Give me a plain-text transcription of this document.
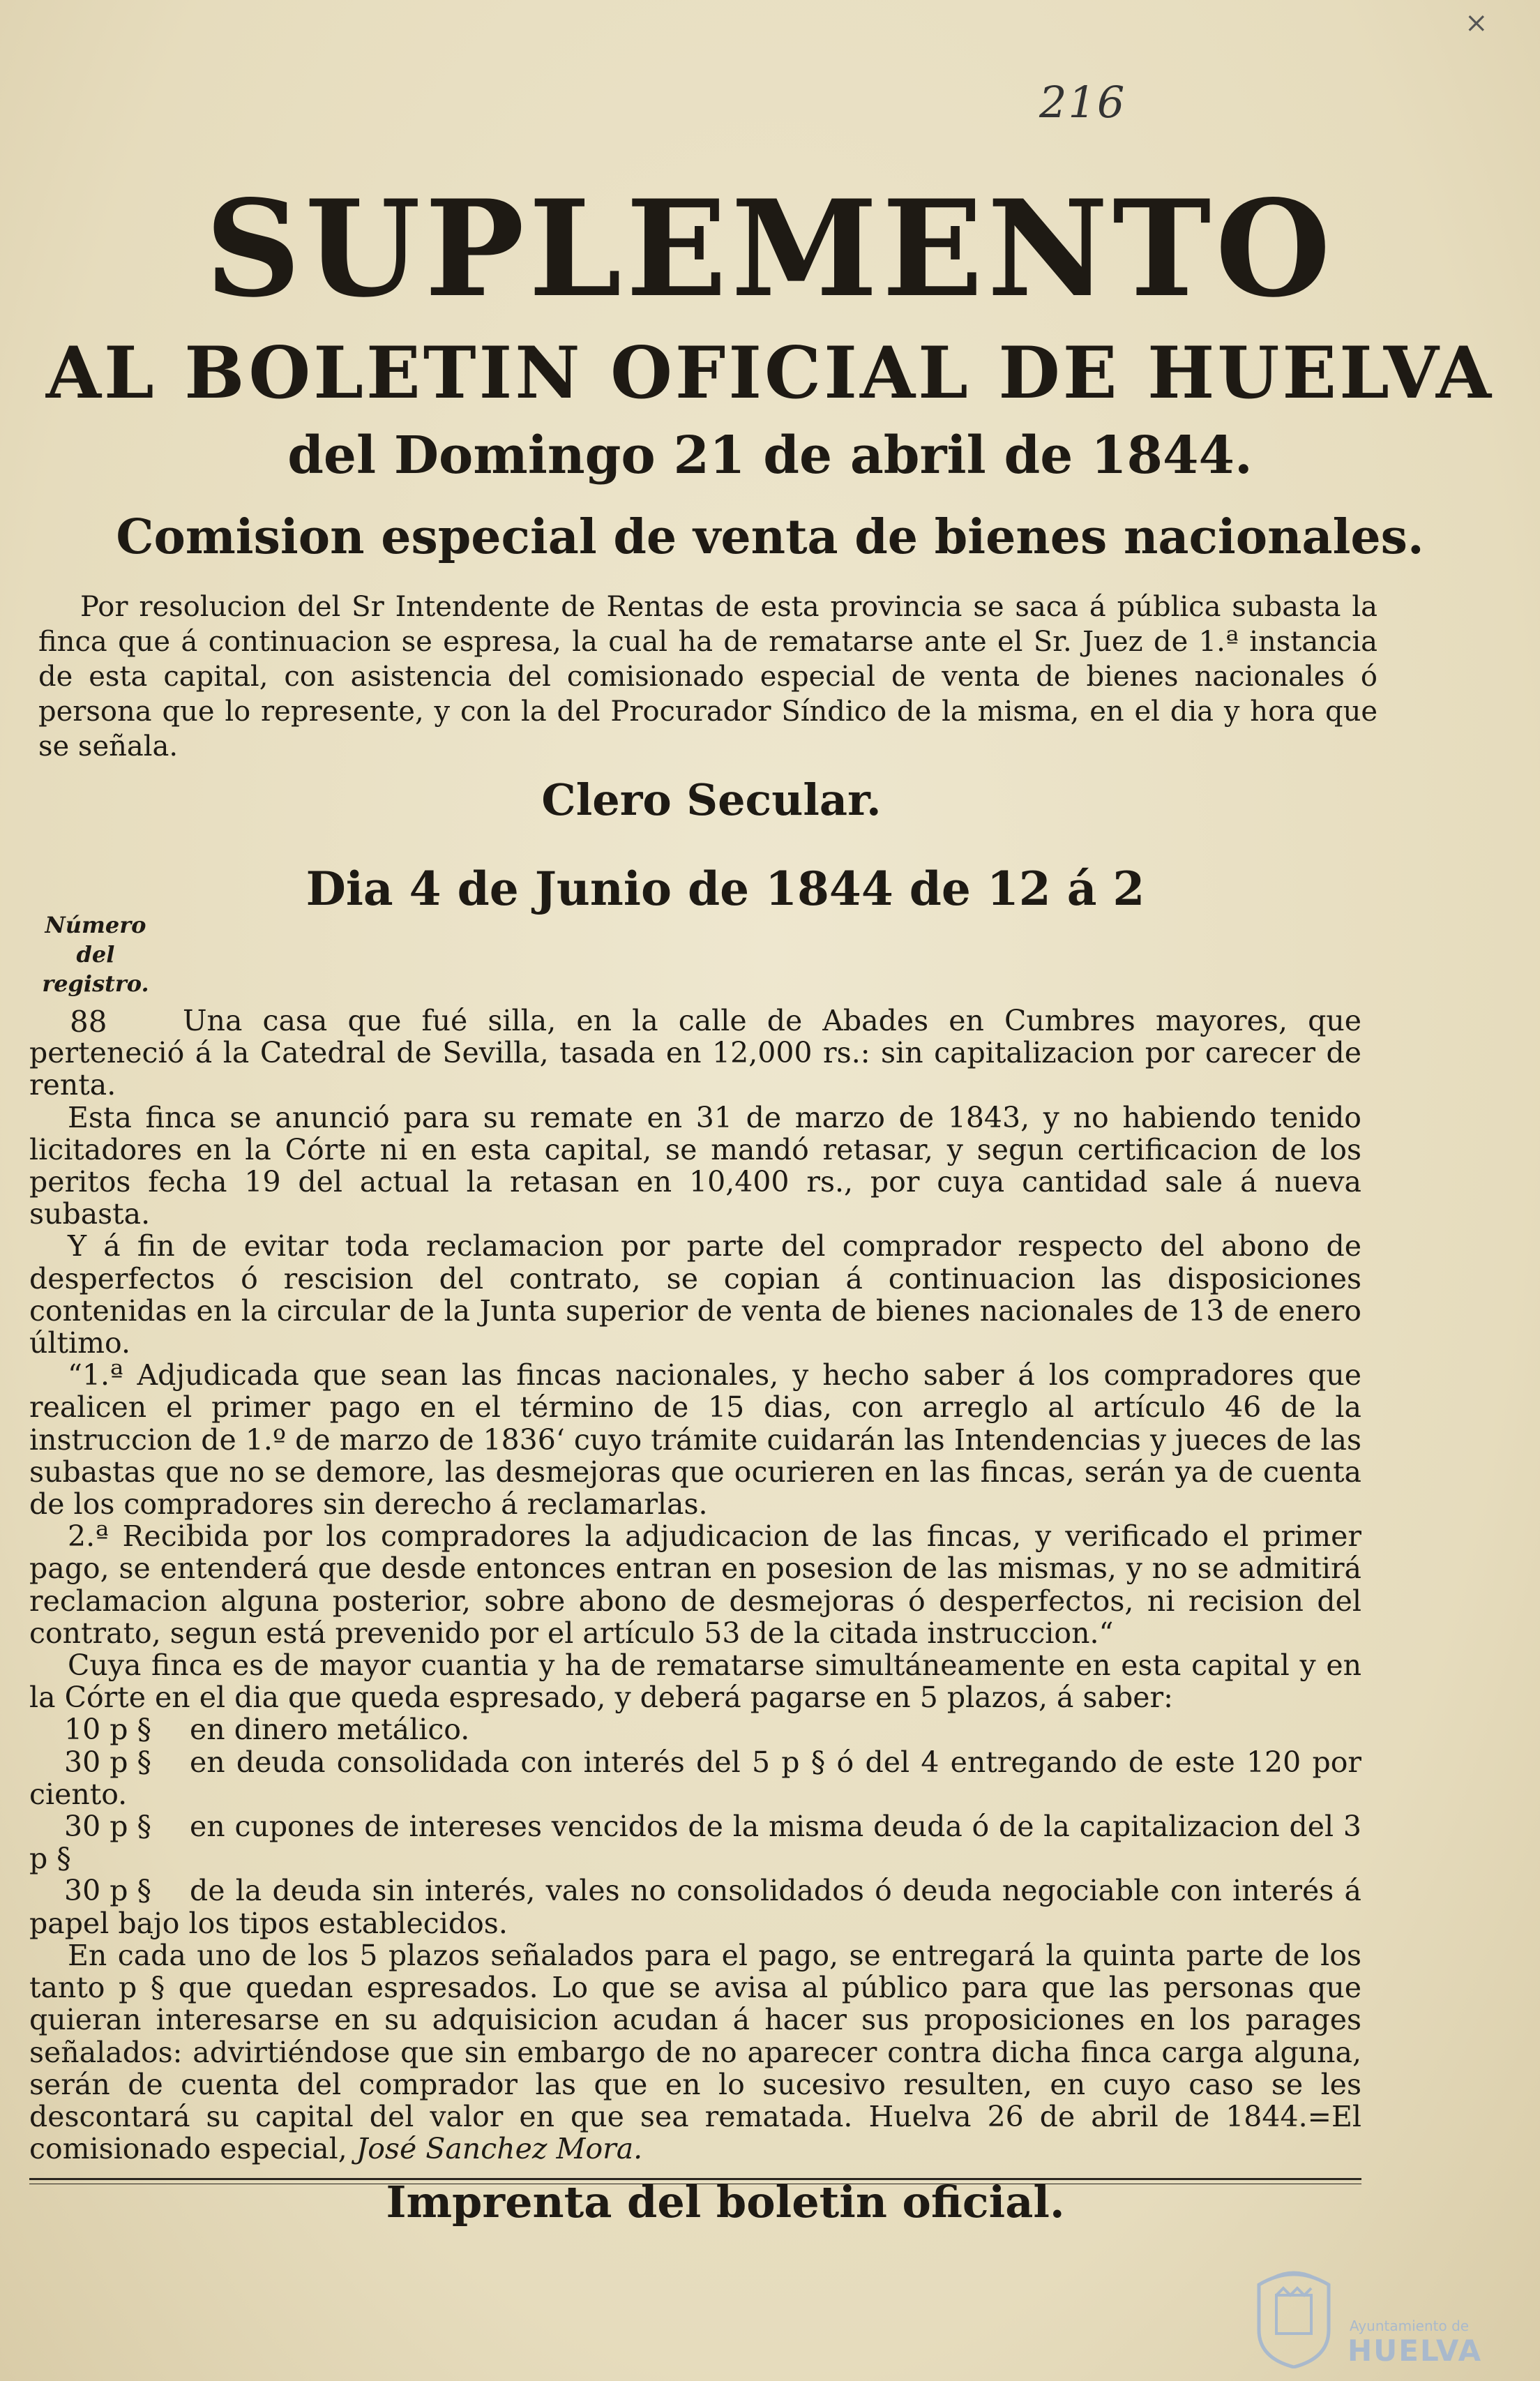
×
216
SUPLEMENTO
AL BOLETIN OFICIAL DE HUELVA
del Domingo 21 de abril de 1844.
Comision especial de venta de bienes nacionales.
Por resolucion del Sr Intendente de Rentas de esta provincia se saca á pública subasta la finca que á continuacion se espresa, la cual ha de rematarse ante el Sr. Juez de 1.ª instancia de esta capital, con asistencia del comisionado especial de venta de bienes nacionales ó persona que lo represente, y con la del Procurador Síndico de la misma, en el dia y hora que se señala.
Clero Secular.
Dia 4 de Junio de 1844 de 12 á 2
Número del registro.
88	Una casa que fué silla, en la calle de Abades en Cumbres mayores, que perteneció á la Catedral de Sevilla, tasada en 12,000 rs.: sin capitalizacion por carecer de renta.

Esta finca se anunció para su remate en 31 de marzo de 1843, y no habiendo tenido licitadores en la Córte ni en esta capital, se mandó retasar, y segun certificacion de los peritos fecha 19 del actual la retasan en 10,400 rs., por cuya cantidad sale á nueva subasta.

Y á fin de evitar toda reclamacion por parte del comprador respecto del abono de desperfectos ó rescision del contrato, se copian á continuacion las disposiciones contenidas en la circular de la Junta superior de venta de bienes nacionales de 13 de enero último.

“1.ª Adjudicada que sean las fincas nacionales, y hecho saber á los compradores que realicen el primer pago en el término de 15 dias, con arreglo al artículo 46 de la instruccion de 1.º de marzo de 1836‘ cuyo trámite cuidarán las Intendencias y jueces de las subastas que no se demore, las desmejoras que ocurieren en las fincas, serán ya de cuenta de los compradores sin derecho á reclamarlas.

2.ª Recibida por los compradores la adjudicacion de las fincas, y verificado el primer pago, se entenderá que desde entonces entran en posesion de las mismas, y no se admitirá reclamacion alguna posterior, sobre abono de desmejoras ó desperfectos, ni recision del contrato, segun está prevenido por el artículo 53 de la citada instruccion.“

Cuya finca es de mayor cuantia y ha de rematarse simultáneamente en esta capital y en la Córte en el dia que queda espresado, y deberá pagarse en 5 plazos, á saber:

10 p § en dinero metálico.
30 p § en deuda consolidada con interés del 5 p § ó del 4 entregando de este 120 por ciento.
30 p § en cupones de intereses vencidos de la misma deuda ó de la capitalizacion del 3 p §
30 p § de la deuda sin interés, vales no consolidados ó deuda negociable con interés á papel bajo los tipos establecidos.

En cada uno de los 5 plazos señalados para el pago, se entregará la quinta parte de los tanto p § que quedan espresados. Lo que se avisa al público para que las personas que quieran interesarse en su adquisicion acudan á hacer sus proposiciones en los parages señalados: advirtiéndose que sin embargo de no aparecer contra dicha finca carga alguna, serán de cuenta del comprador las que en lo sucesivo resulten, en cuyo caso se les descontará su capital del valor en que sea rematada. Huelva 26 de abril de 1844.=El comisionado especial, José Sanchez Mora.

Imprenta del boletin oficial.
Ayuntamiento de
HUELVA
